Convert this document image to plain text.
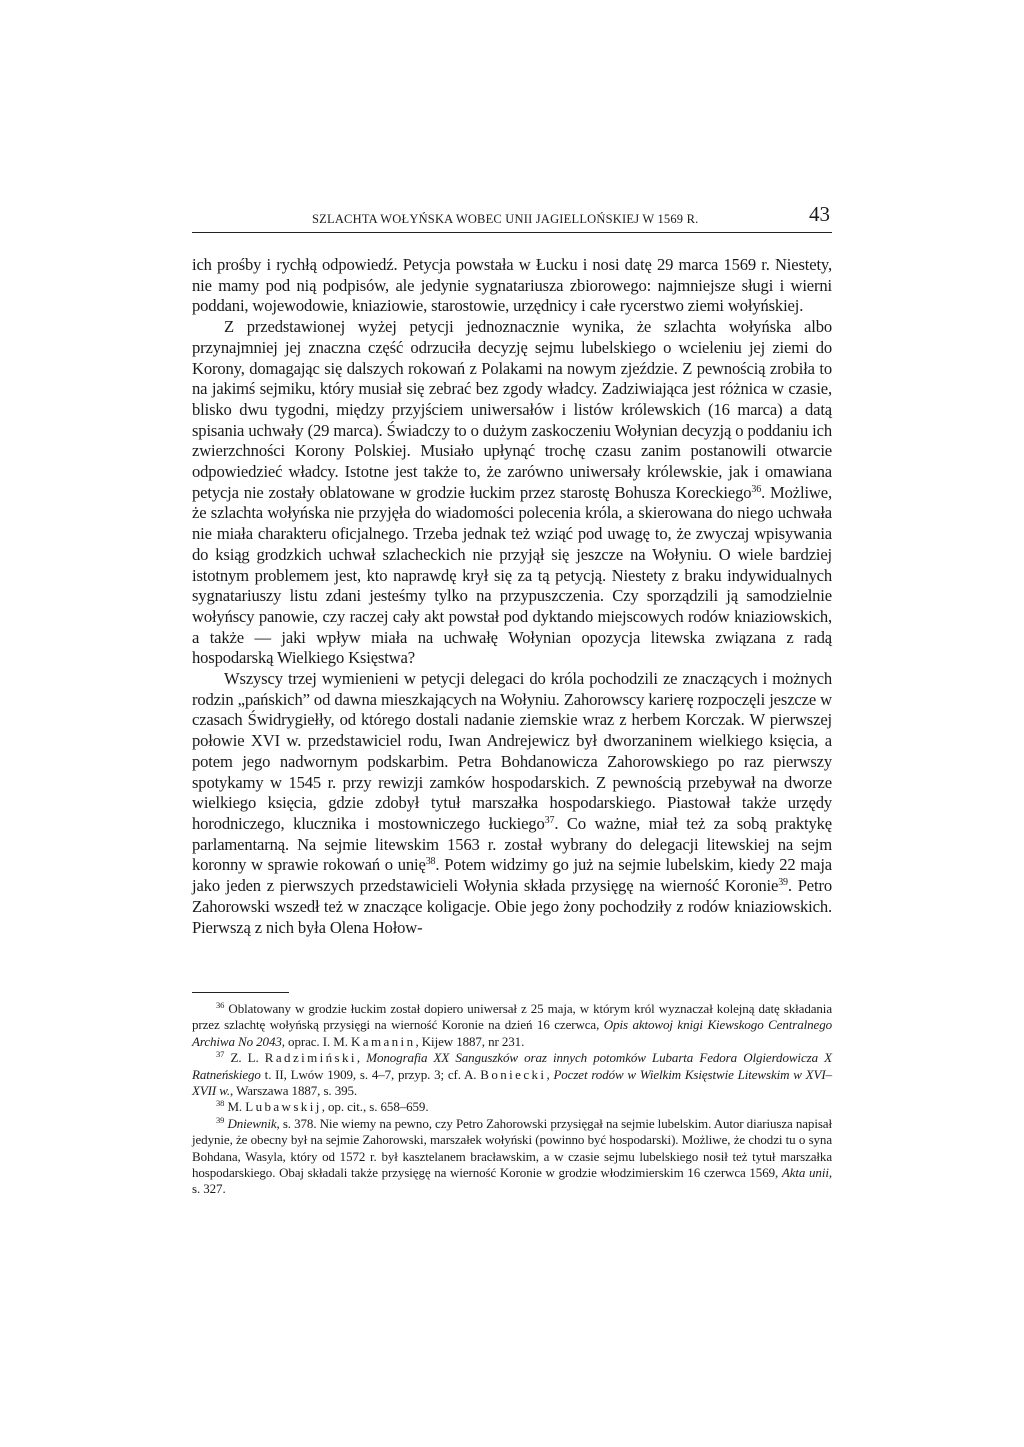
SZLACHTA WOŁYŃSKA WOBEC UNII JAGIELLOŃSKIEJ W 1569 R.	43

ich prośby i rychłą odpowiedź. Petycja powstała w Łucku i nosi datę 29 marca 1569 r. Niestety, nie mamy pod nią podpisów, ale jedynie sygnatariusza zbiorowego: najmniejsze sługi i wierni poddani, wojewodowie, kniaziowie, starostowie, urzędnicy i całe rycerstwo ziemi wołyńskiej.

Z przedstawionej wyżej petycji jednoznacznie wynika, że szlachta wołyńska albo przynajmniej jej znaczna część odrzuciła decyzję sejmu lubelskiego o wcieleniu jej ziemi do Korony, domagając się dalszych rokowań z Polakami na nowym zjeździe. Z pewnością zrobiła to na jakimś sejmiku, który musiał się zebrać bez zgody władcy. Zadziwiająca jest różnica w czasie, blisko dwu tygodni, między przyjściem uniwersałów i listów królewskich (16 marca) a datą spisania uchwały (29 marca). Świadczy to o dużym zaskoczeniu Wołynian decyzją o poddaniu ich zwierzchności Korony Polskiej. Musiało upłynąć trochę czasu zanim postanowili otwarcie odpowiedzieć władcy. Istotne jest także to, że zarówno uniwersały królewskie, jak i omawiana petycja nie zostały oblatowane w grodzie łuckim przez starostę Bohusza Koreckiego$^{36}$. Możliwe, że szlachta wołyńska nie przyjęła do wiadomości polecenia króla, a skierowana do niego uchwała nie miała charakteru oficjalnego. Trzeba jednak też wziąć pod uwagę to, że zwyczaj wpisywania do ksiąg grodzkich uchwał szlacheckich nie przyjął się jeszcze na Wołyniu. O wiele bardziej istotnym problemem jest, kto naprawdę krył się za tą petycją. Niestety z braku indywidualnych sygnatariuszy listu zdani jesteśmy tylko na przypuszczenia. Czy sporządzili ją samodzielnie wołyńscy panowie, czy raczej cały akt powstał pod dyktando miejscowych rodów kniaziowskich, a także — jaki wpływ miała na uchwałę Wołynian opozycja litewska związana z radą hospodarską Wielkiego Księstwa?

Wszyscy trzej wymienieni w petycji delegaci do króla pochodzili ze znaczących i możnych rodzin „pańskich” od dawna mieszkających na Wołyniu. Zahorowscy karierę rozpoczęli jeszcze w czasach Świdrygiełły, od którego dostali nadanie ziemskie wraz z herbem Korczak. W pierwszej połowie XVI w. przedstawiciel rodu, Iwan Andrejewicz był dworzaninem wielkiego księcia, a potem jego nadwornym podskarbim. Petra Bohdanowicza Zahorowskiego po raz pierwszy spotykamy w 1545 r. przy rewizji zamków hospodarskich. Z pewnością przebywał na dworze wielkiego księcia, gdzie zdobył tytuł marszałka hospodarskiego. Piastował także urzędy horodniczego, klucznika i mostowniczego łuckiego$^{37}$. Co ważne, miał też za sobą praktykę parlamentarną. Na sejmie litewskim 1563 r. został wybrany do delegacji litewskiej na sejm koronny w sprawie rokowań o unię$^{38}$. Potem widzimy go już na sejmie lubelskim, kiedy 22 maja jako jeden z pierwszych przedstawicieli Wołynia składa przysięgę na wierność Koronie$^{39}$. Petro Zahorowski wszedł też w znaczące koligacje. Obie jego żony pochodziły z rodów kniaziowskich. Pierwszą z nich była Olena Hołow-

$^{36}$ Oblatowany w grodzie łuckim został dopiero uniwersał z 25 maja, w którym król wyznaczał kolejną datę składania przez szlachtę wołyńską przysięgi na wierność Koronie na dzień 16 czerwca, Opis aktowoj knigi Kiewskogo Centralnego Archiwa No 2043, oprac. I. M. Kamanin, Kijew 1887, nr 231.

$^{37}$ Z. L. Radzimiński, Monografia XX Sanguszków oraz innych potomków Lubarta Fedora Olgierdowicza X Ratneńskiego t. II, Lwów 1909, s. 4–7, przyp. 3; cf. A. Boniecki, Poczet rodów w Wielkim Księstwie Litewskim w XVI–XVII w., Warszawa 1887, s. 395.

$^{38}$ M. Lubawskij, op. cit., s. 658–659.

$^{39}$ Dniewnik, s. 378. Nie wiemy na pewno, czy Petro Zahorowski przysięgał na sejmie lubelskim. Autor diariusza napisał jedynie, że obecny był na sejmie Zahorowski, marszałek wołyński (powinno być hospodarski). Możliwe, że chodzi tu o syna Bohdana, Wasyla, który od 1572 r. był kasztelanem bracławskim, a w czasie sejmu lubelskiego nosił też tytuł marszałka hospodarskiego. Obaj składali także przysięgę na wierność Koronie w grodzie włodzimierskim 16 czerwca 1569, Akta unii, s. 327.
